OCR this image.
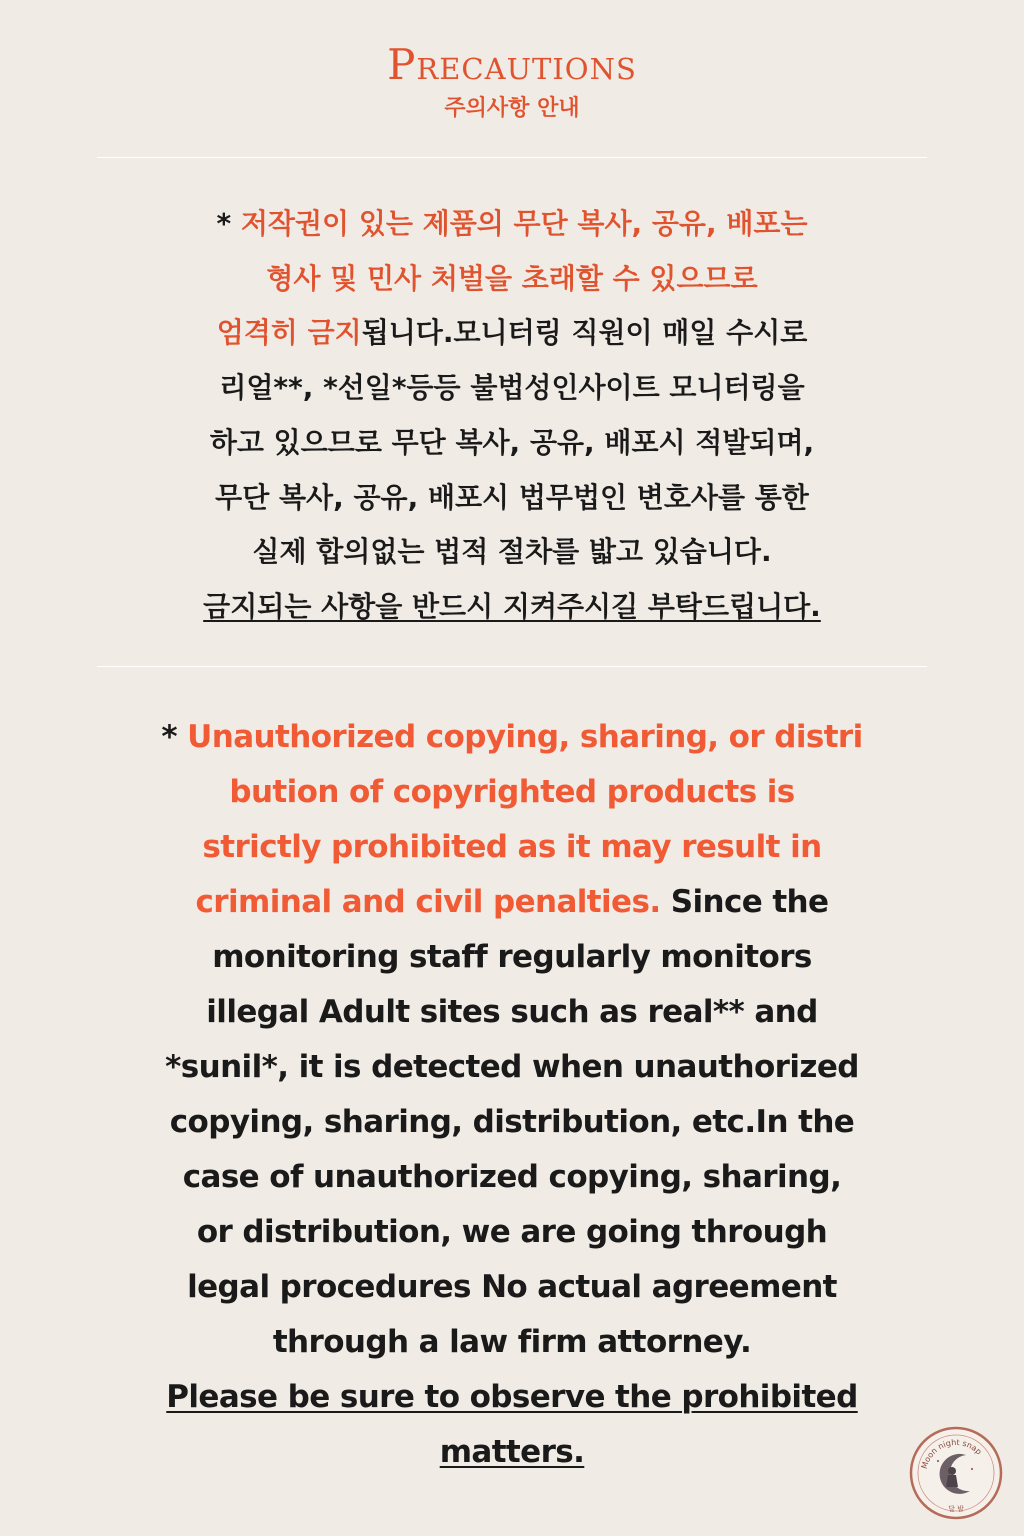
Precautions
주의사항 안내
* 저작권이 있는 제품의 무단 복사, 공유, 배포는
형사 및 민사 처벌을 초래할 수 있으므로
엄격히 금지됩니다.모니터링 직원이 매일 수시로
리얼**, *선일*등등 불법성인사이트 모니터링을
하고 있으므로 무단 복사, 공유, 배포시 적발되며,
무단 복사, 공유, 배포시 법무법인 변호사를 통한
실제 합의없는 법적 절차를 밟고 있습니다.
금지되는 사항을 반드시 지켜주시길 부탁드립니다.
* Unauthorized copying, sharing, or distri
bution of copyrighted products is
strictly prohibited as it may result in
criminal and civil penalties. Since the
monitoring staff regularly monitors
illegal Adult sites such as real** and
*sunil*, it is detected when unauthorized
copying, sharing, distribution, etc.In the
case of unauthorized copying, sharing,
or distribution, we are going through
legal procedures No actual agreement
through a law firm attorney.
Please be sure to observe the prohibited
matters.	Moon night snap
달 밤
